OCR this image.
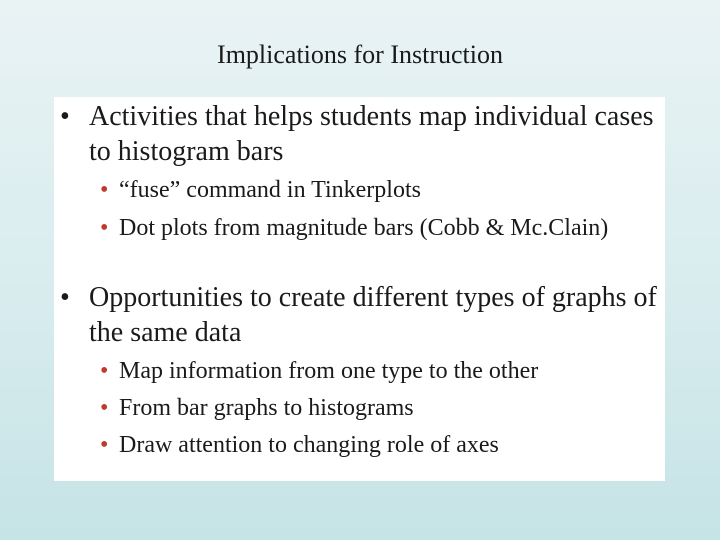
Implications for Instruction
• Activities that helps students map individual cases to histogram bars
• “fuse” command in Tinkerplots
• Dot plots from magnitude bars (Cobb & Mc.Clain)
• Opportunities to create different types of graphs of the same data
• Map information from one type to the other
• From bar graphs to histograms
• Draw attention to changing role of axes
